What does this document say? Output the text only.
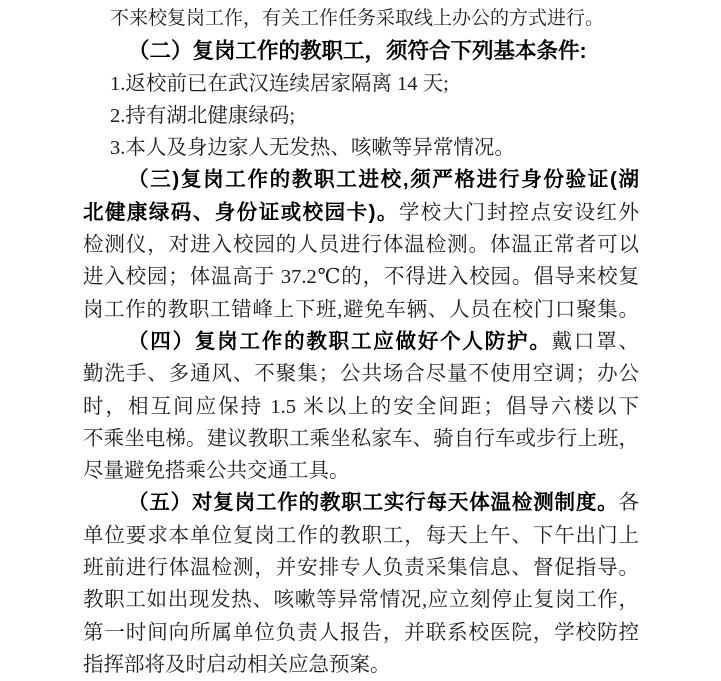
不来校复岗工作，有关工作任务采取线上办公的方式进行。
（二）复岗工作的教职工，须符合下列基本条件:
1.返校前已在武汉连续居家隔离 14 天;
2.持有湖北健康绿码;
3.本人及身边家人无发热、咳嗽等异常情况。
（三)复岗工作的教职工进校,须严格进行身份验证(湖
北健康绿码、身份证或校园卡)。学校大门封控点安设红外
检测仪，对进入校园的人员进行体温检测。体温正常者可以
进入校园；体温高于 37.2℃的，不得进入校园。倡导来校复
岗工作的教职工错峰上下班,避免车辆、人员在校门口聚集。
（四）复岗工作的教职工应做好个人防护。戴口罩、
勤洗手、多通风、不聚集；公共场合尽量不使用空调；办公
时，相互间应保持 1.5 米以上的安全间距；倡导六楼以下
不乘坐电梯。建议教职工乘坐私家车、骑自行车或步行上班，
尽量避免搭乘公共交通工具。
（五）对复岗工作的教职工实行每天体温检测制度。各
单位要求本单位复岗工作的教职工，每天上午、下午出门上
班前进行体温检测，并安排专人负责采集信息、督促指导。
教职工如出现发热、咳嗽等异常情况,应立刻停止复岗工作，
第一时间向所属单位负责人报告，并联系校医院，学校防控
指挥部将及时启动相关应急预案。
